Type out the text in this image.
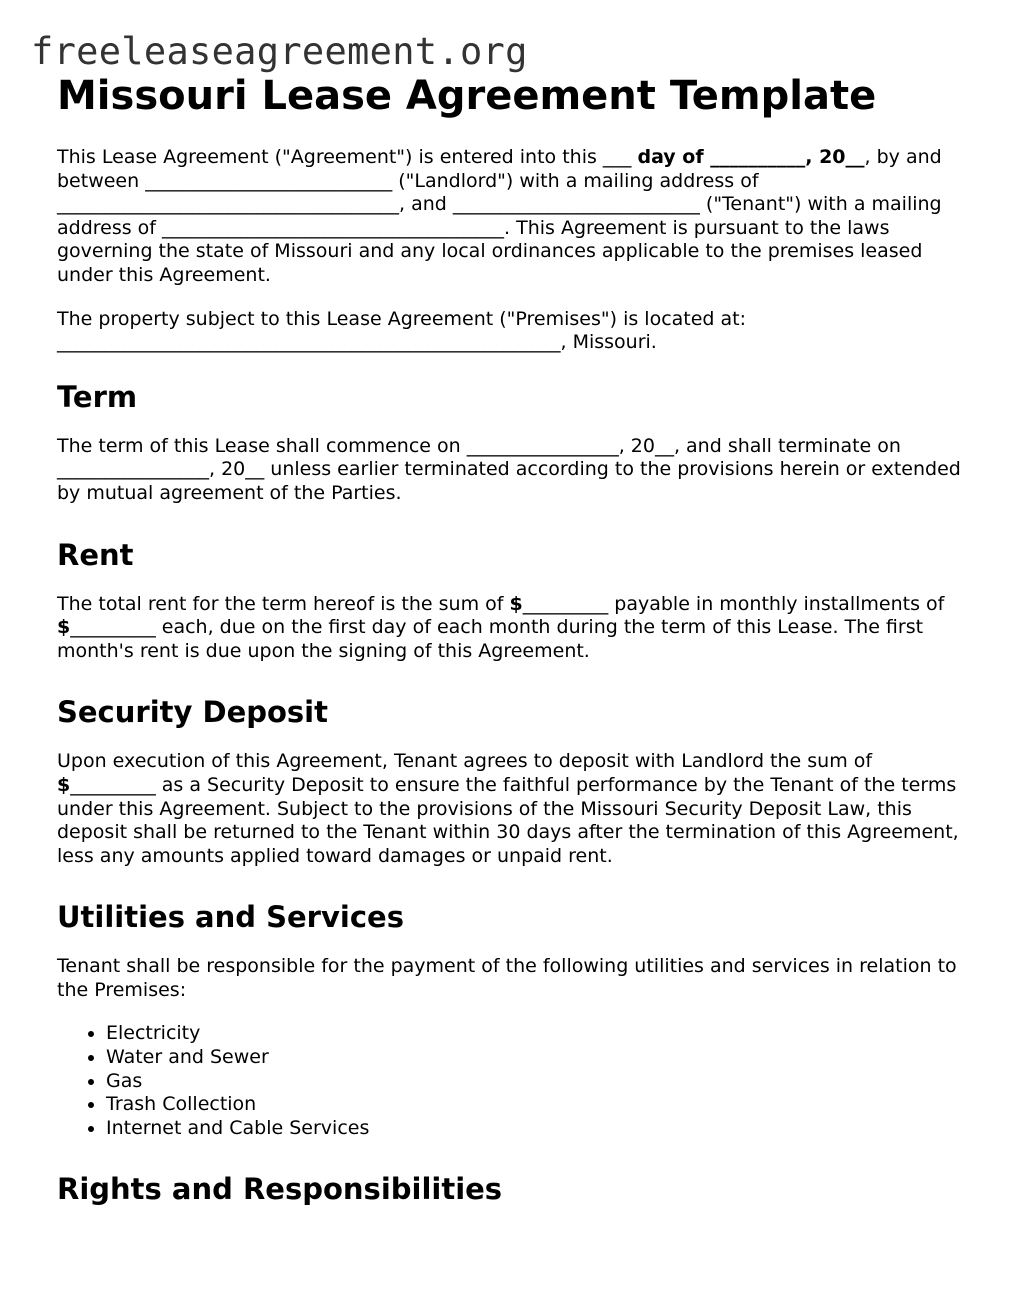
freeleaseagreement.org
Missouri Lease Agreement Template

This Lease Agreement ("Agreement") is entered into this ___ day of __________, 20__, by and between __________________________ ("Landlord") with a mailing address of ____________________________________, and __________________________ ("Tenant") with a mailing address of ____________________________________. This Agreement is pursuant to the laws governing the state of Missouri and any local ordinances applicable to the premises leased under this Agreement.

The property subject to this Lease Agreement ("Premises") is located at: _____________________________________________________, Missouri.

Term

The term of this Lease shall commence on ________________, 20__, and shall terminate on ________________, 20__ unless earlier terminated according to the provisions herein or extended by mutual agreement of the Parties.

Rent

The total rent for the term hereof is the sum of $_________ payable in monthly installments of $_________ each, due on the first day of each month during the term of this Lease. The first month's rent is due upon the signing of this Agreement.

Security Deposit

Upon execution of this Agreement, Tenant agrees to deposit with Landlord the sum of $_________ as a Security Deposit to ensure the faithful performance by the Tenant of the terms under this Agreement. Subject to the provisions of the Missouri Security Deposit Law, this deposit shall be returned to the Tenant within 30 days after the termination of this Agreement, less any amounts applied toward damages or unpaid rent.

Utilities and Services

Tenant shall be responsible for the payment of the following utilities and services in relation to the Premises:

• Electricity
• Water and Sewer
• Gas
• Trash Collection
• Internet and Cable Services
Rights and Responsibilities
